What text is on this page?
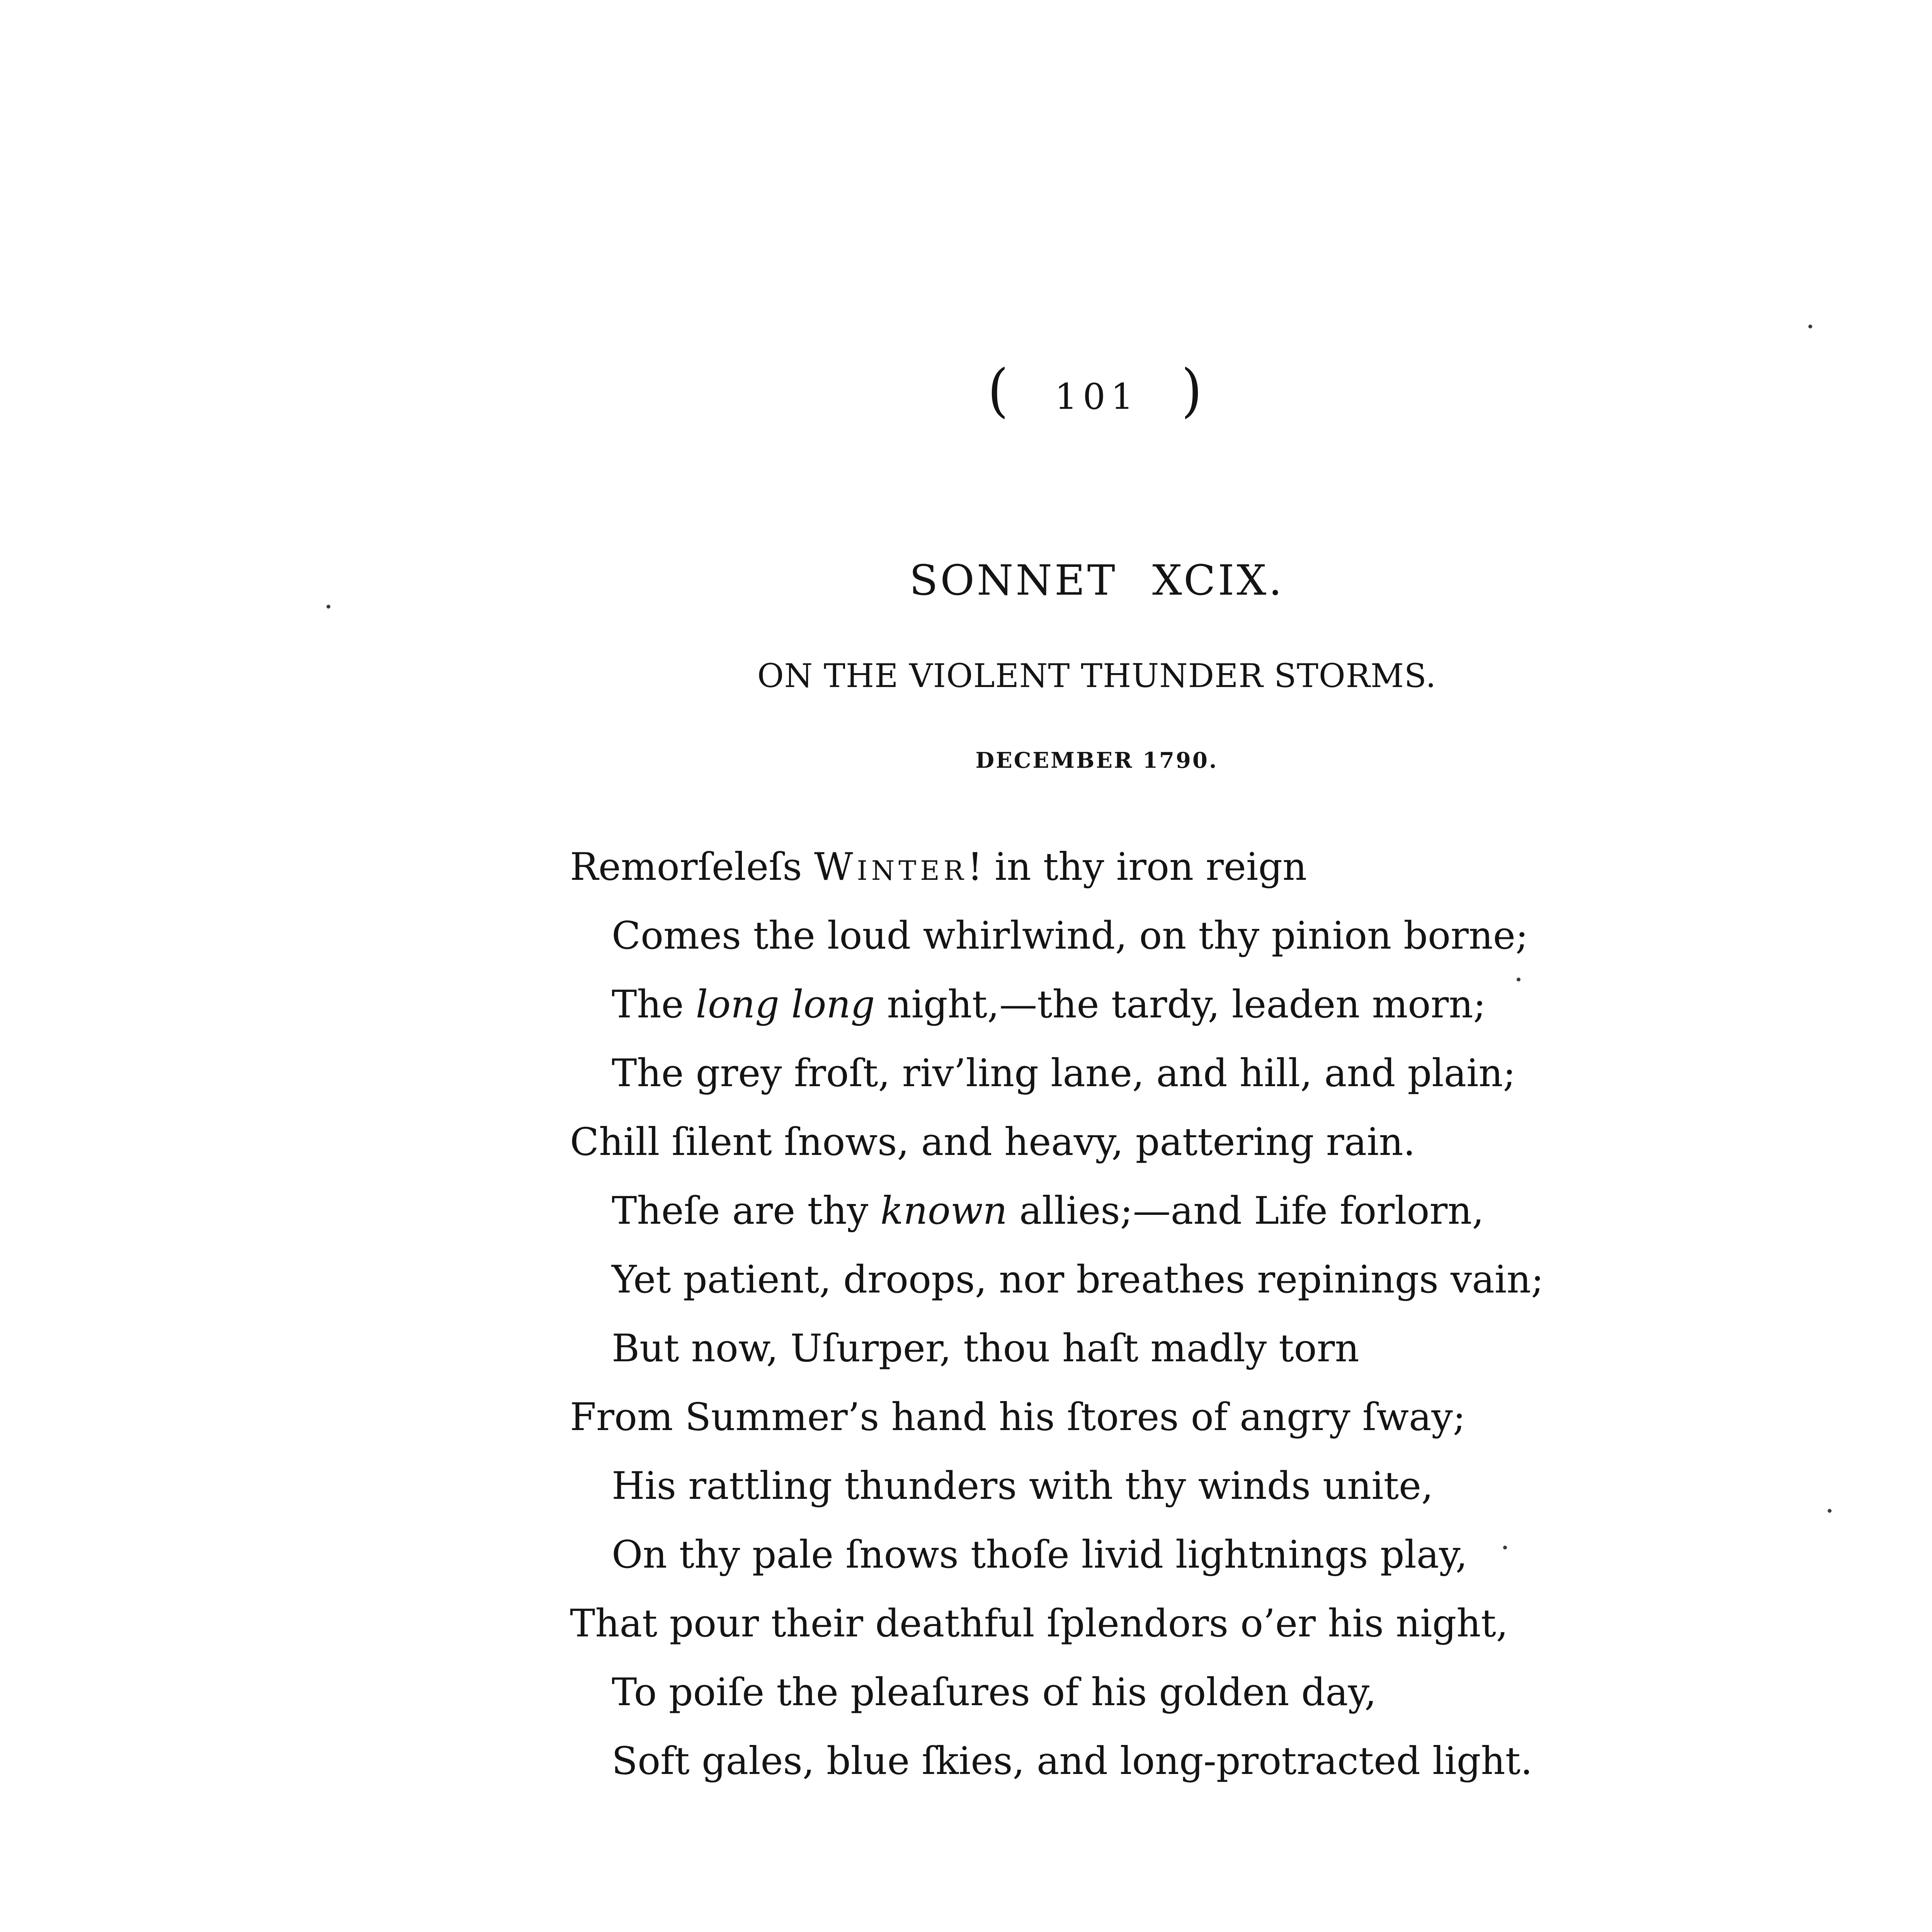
( 101 )
SONNET XCIX.
ON THE VIOLENT THUNDER STORMS.
DECEMBER 1790.
Remorſeleſs Winter! in thy iron reign
Comes the loud whirlwind, on thy pinion borne;
The long long night,—the tardy, leaden morn;
The grey froſt, riv’ling lane, and hill, and plain;
Chill ſilent ſnows, and heavy, pattering rain.
Theſe are thy known allies;—and Life forlorn,
Yet patient, droops, nor breathes repinings vain;
But now, Uſurper, thou haſt madly torn
From Summer’s hand his ſtores of angry ſway;
His rattling thunders with thy winds unite,
On thy pale ſnows thoſe livid lightnings play,
That pour their deathful ſplendors o’er his night,
To poiſe the pleaſures of his golden day,
Soft gales, blue ſkies, and long-protracted light.
